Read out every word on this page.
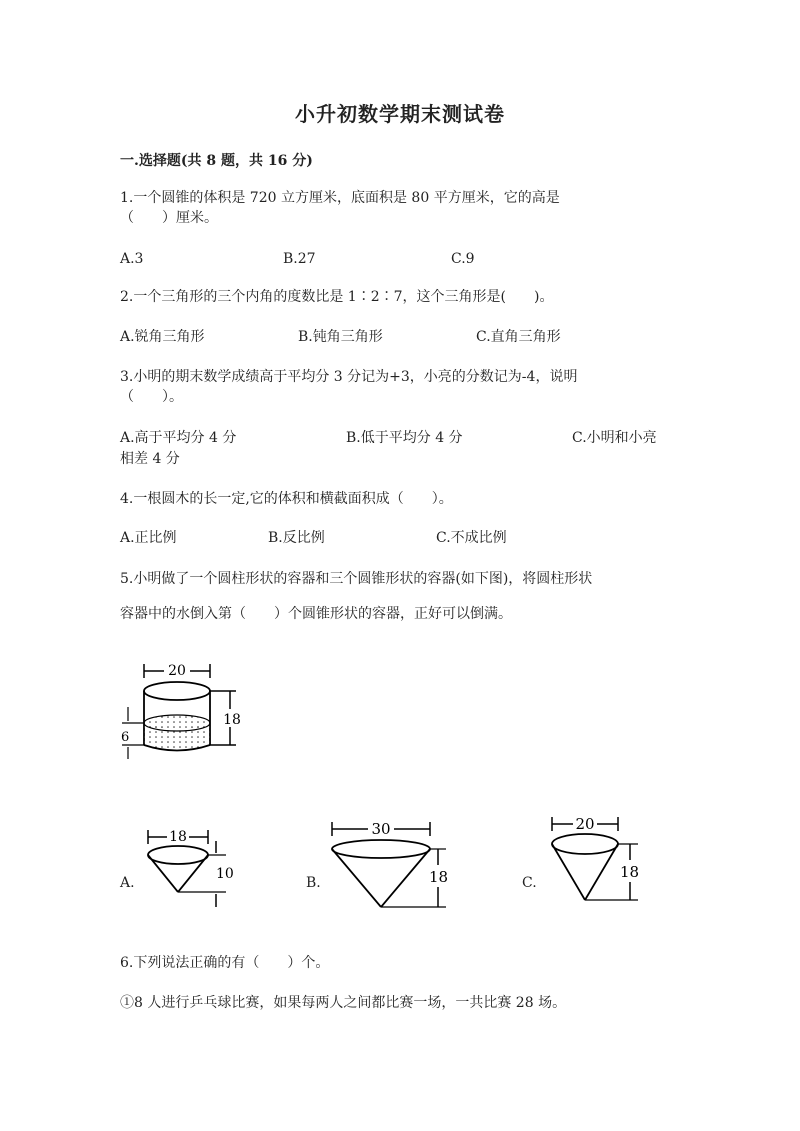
小升初数学期末测试卷
一.选择题(共 8 题，共 16 分)
1.一个圆锥的体积是 720 立方厘米，底面积是 80 平方厘米，它的高是
（　　）厘米。
A.3	B.27	C.9
2.一个三角形的三个内角的度数比是 1∶2∶7，这个三角形是(　　)。
A.锐角三角形	B.钝角三角形	C.直角三角形
3.小明的期末数学成绩高于平均分 3 分记为+3，小亮的分数记为-4，说明
（　　）。
A.高于平均分 4 分	B.低于平均分 4 分	C.小明和小亮
相差 4 分
4.一根圆木的长一定,它的体积和横截面积成（　　）。
A.正比例	B.反比例	C.不成比例
5.小明做了一个圆柱形状的容器和三个圆锥形状的容器(如下图)，将圆柱形状
容器中的水倒入第（　　）个圆锥形状的容器，正好可以倒满。
20
18
6
A.
18
10
B.
30
18	C.
20
18
6.下列说法正确的有（　　）个。
①8 人进行乒乓球比赛，如果每两人之间都比赛一场，一共比赛 28 场。
